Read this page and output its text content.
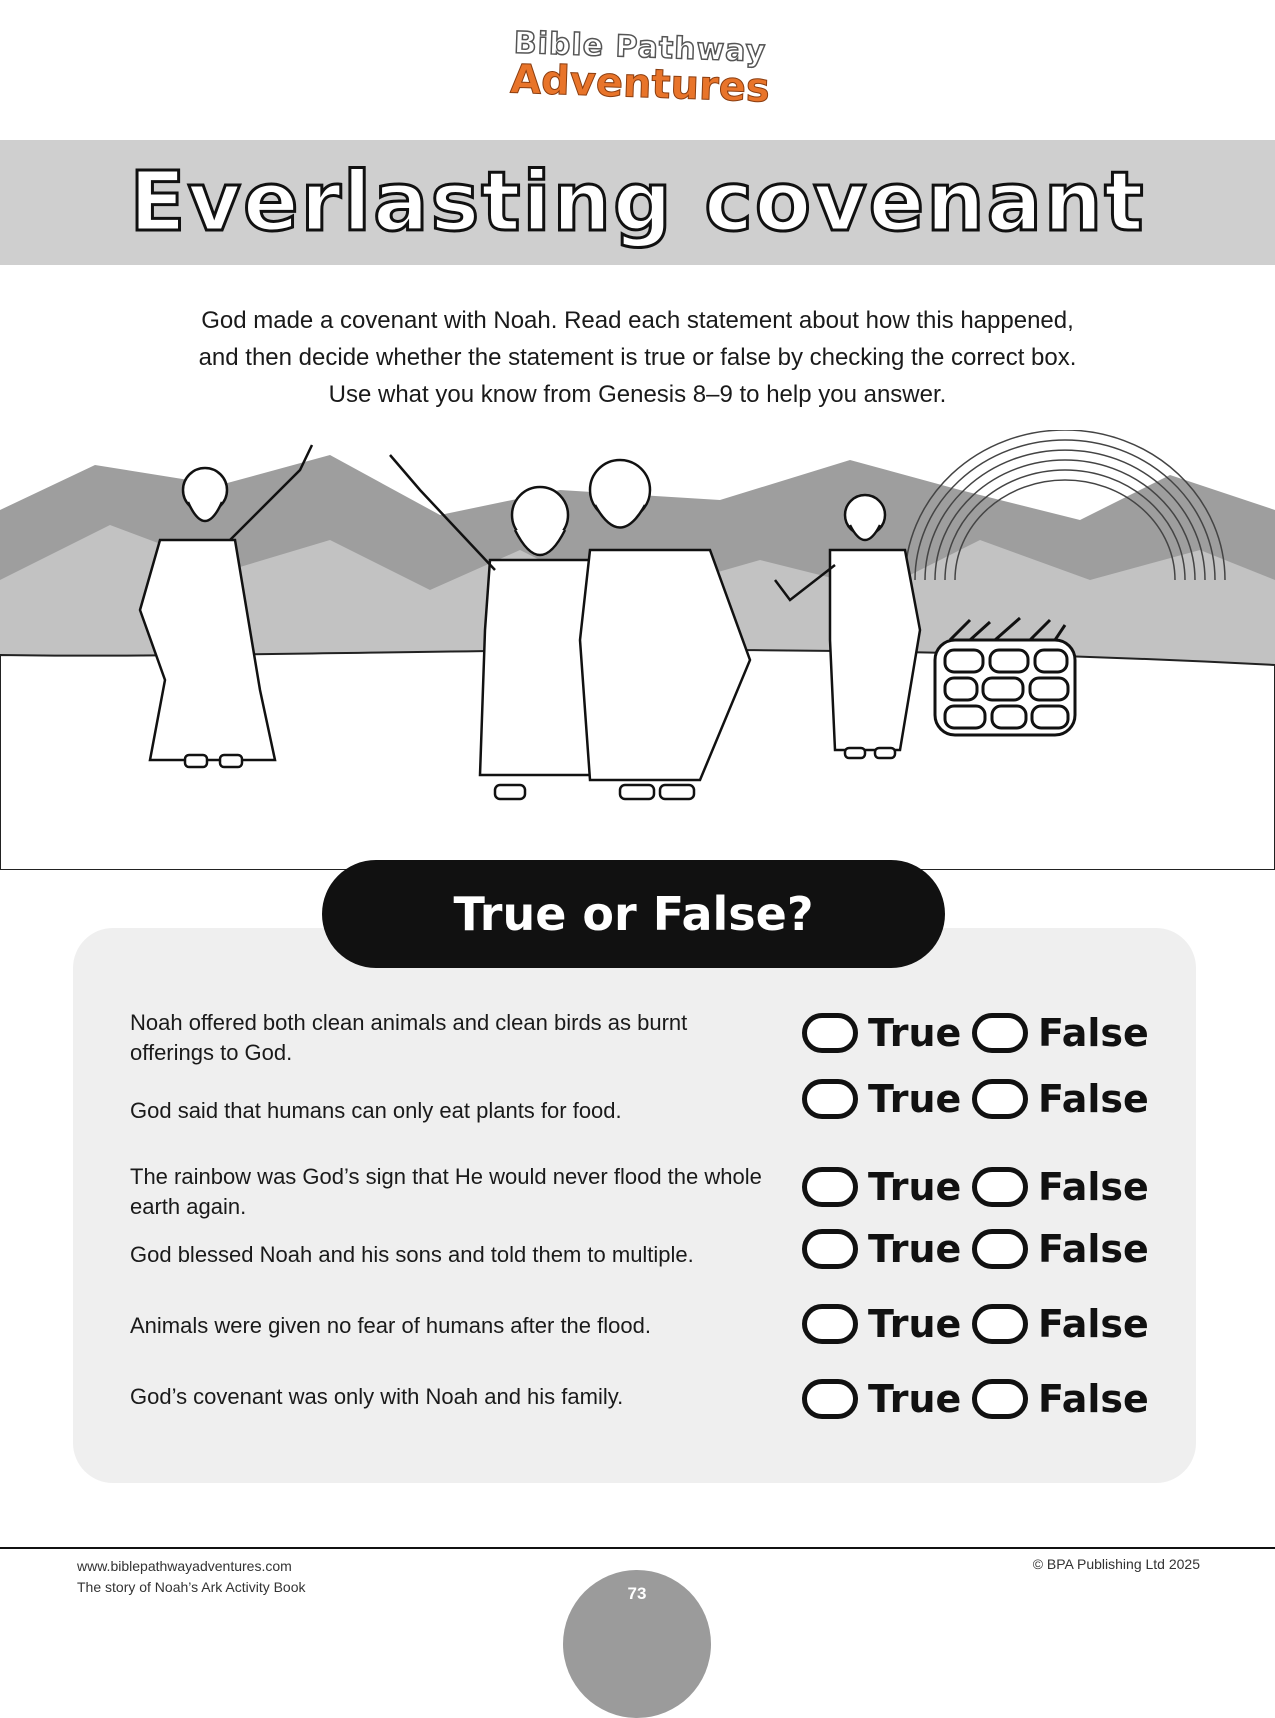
Bible Pathway
Adventures
Everlasting covenant
God made a covenant with Noah. Read each statement about how this happened,
and then decide whether the statement is true or false by checking the correct box.
Use what you know from Genesis 8–9 to help you answer.
True or False?
Noah offered both clean animals and clean birds as burnt offerings to God.	True False
God said that humans can only eat plants for food.	True False
The rainbow was God’s sign that He would never flood the whole earth again.	True False
God blessed Noah and his sons and told them to multiple.	True False
Animals were given no fear of humans after the flood.	True False
God’s covenant was only with Noah and his family.	True False
www.biblepathwayadventures.com
The story of Noah’s Ark Activity Book
© BPA Publishing Ltd 2025
73
